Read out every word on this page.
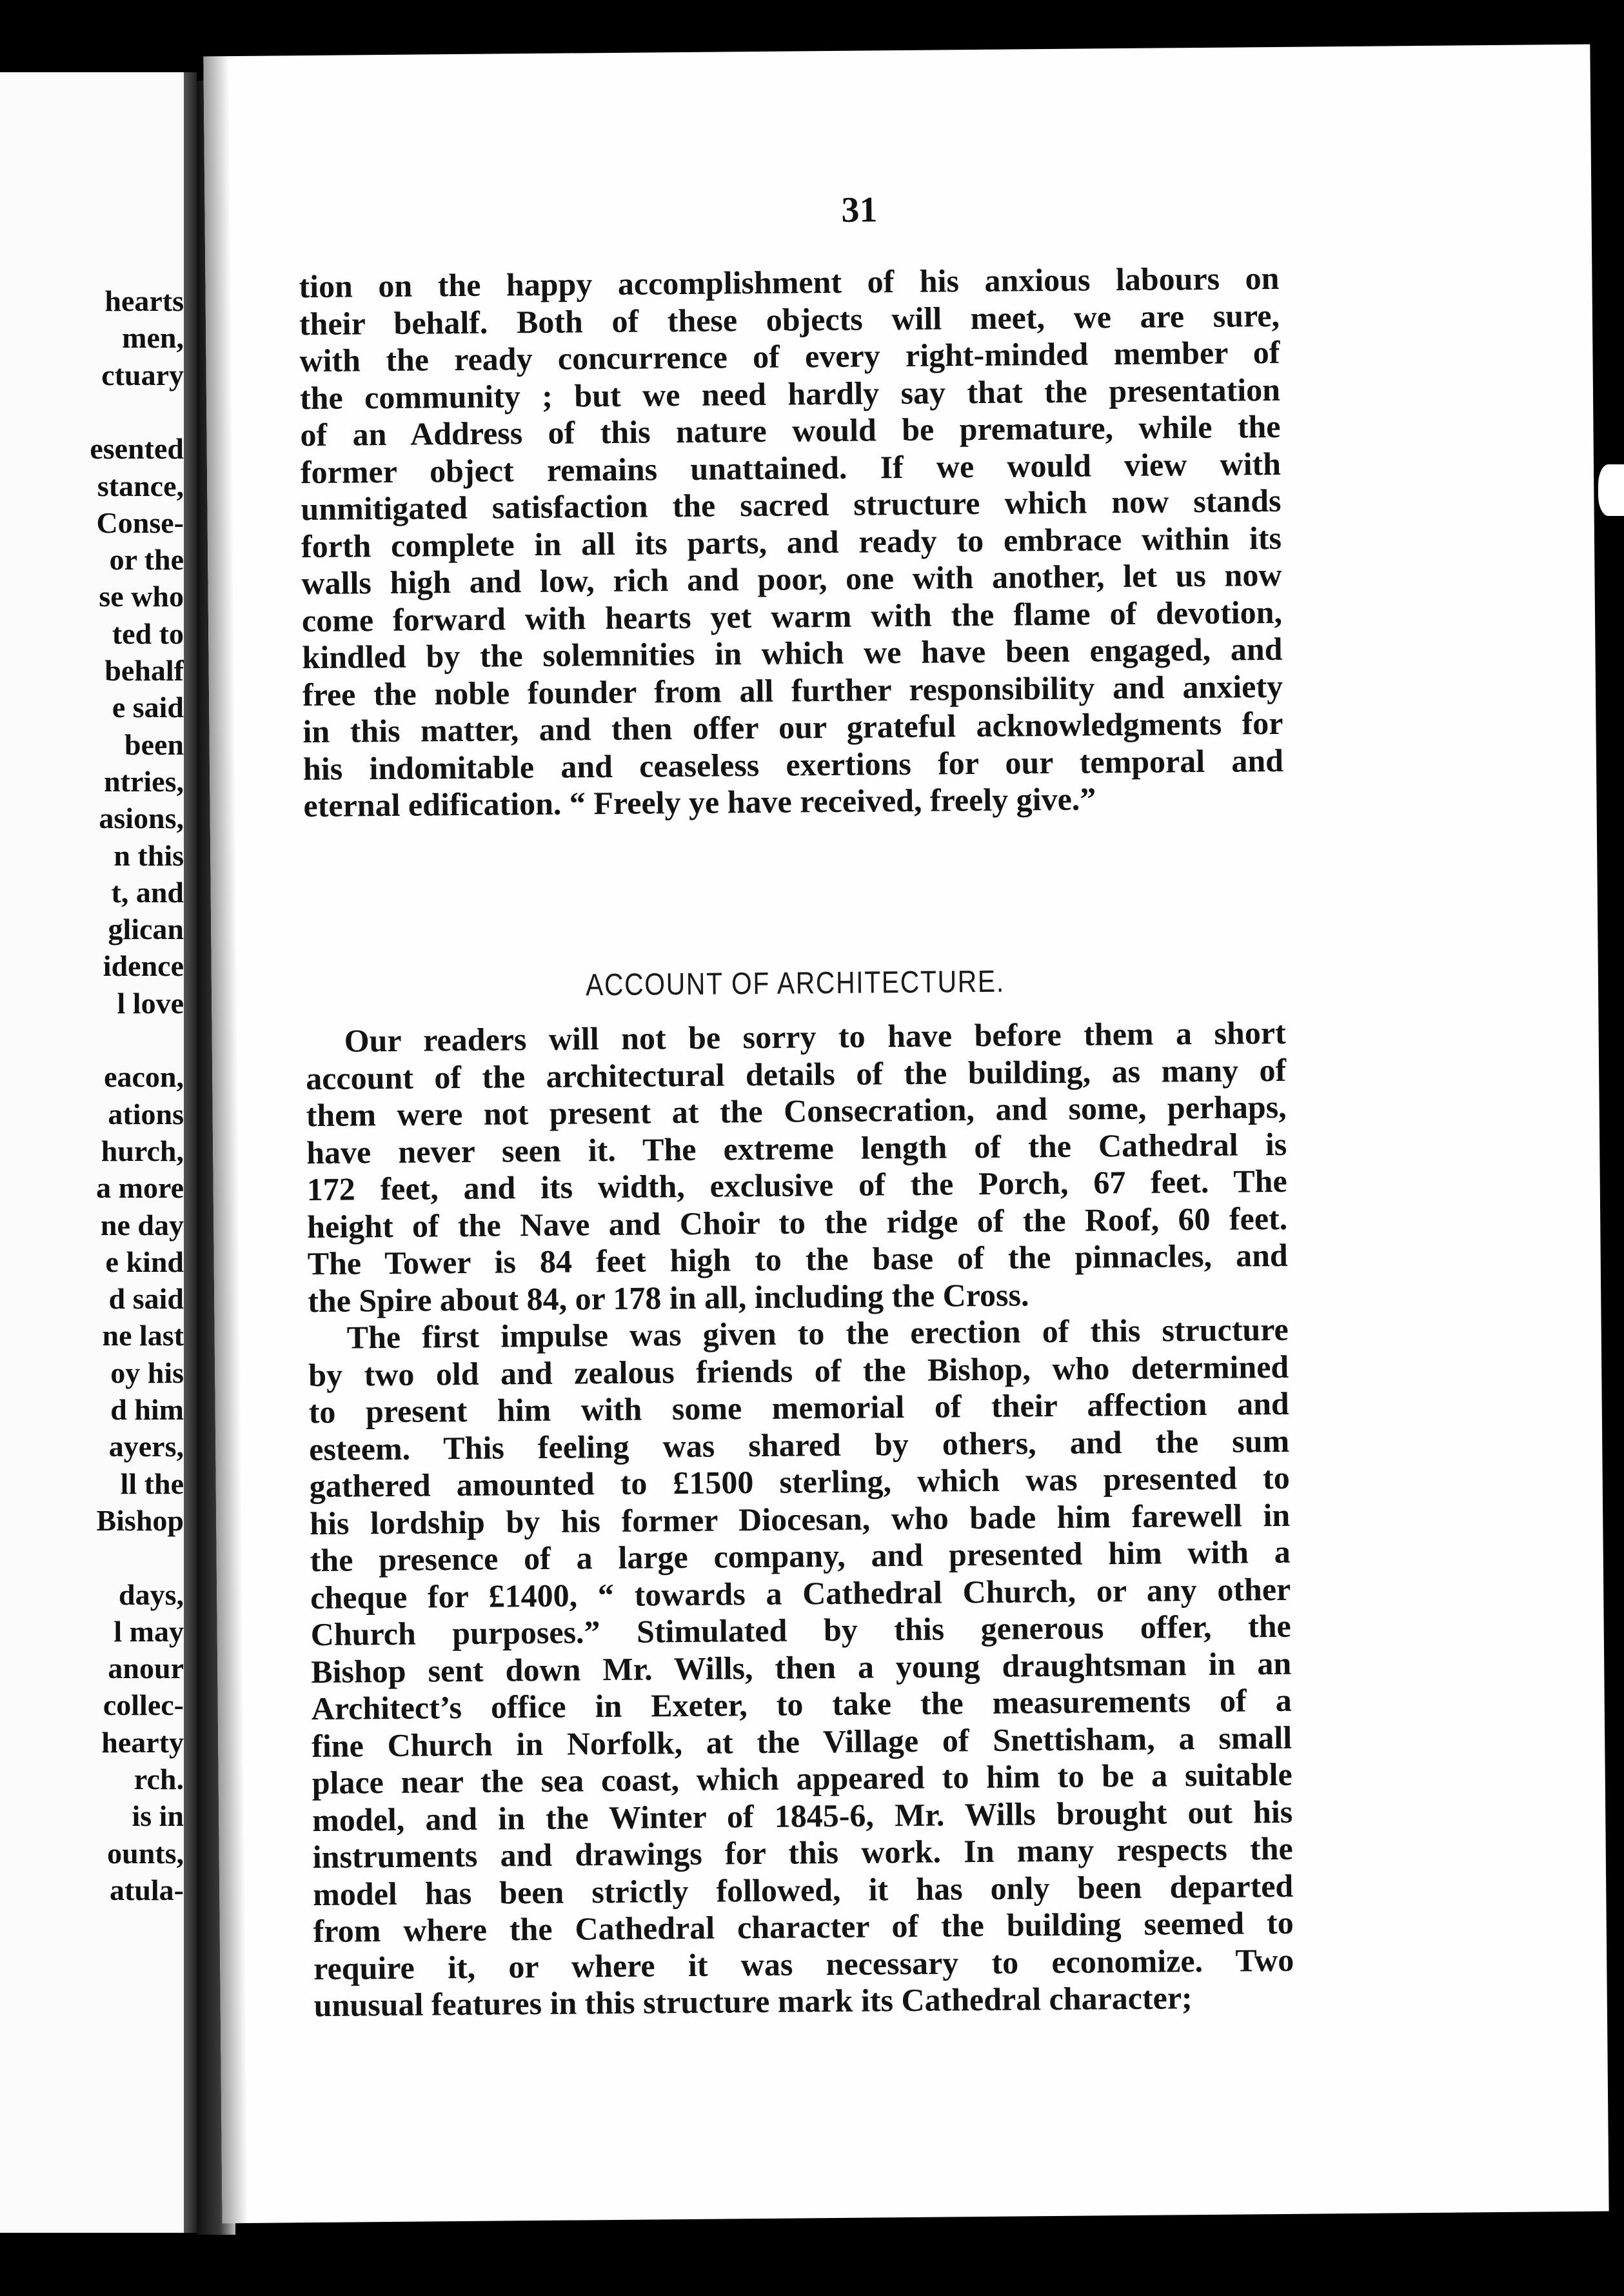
hearts
men,
ctuary
esented
stance,
Conse-
or the
se who
ted to
behalf
e said
been
ntries,
asions,
n this
t, and
glican
idence
l love
eacon,
ations
hurch,
a more
ne day
e kind
d said
ne last
oy his
d him
ayers,
ll the
Bishop
days,
l may
anour
collec-
hearty
rch.
is in
ounts,
atula-
31
tion on the happy accomplishment of his anxious labours on
their behalf. Both of these objects will meet, we are sure,
with the ready concurrence of every right-minded member of
the community ; but we need hardly say that the presentation
of an Address of this nature would be premature, while the
former object remains unattained. If we would view with
unmitigated satisfaction the sacred structure which now stands
forth complete in all its parts, and ready to embrace within its
walls high and low, rich and poor, one with another, let us now
come forward with hearts yet warm with the flame of devotion,
kindled by the solemnities in which we have been engaged, and
free the noble founder from all further responsibility and anxiety
in this matter, and then offer our grateful acknowledgments for
his indomitable and ceaseless exertions for our temporal and
eternal edification. “ Freely ye have received, freely give.”
ACCOUNT OF ARCHITECTURE.
Our readers will not be sorry to have before them a short
account of the architectural details of the building, as many of
them were not present at the Consecration, and some, perhaps,
have never seen it. The extreme length of the Cathedral is
172 feet, and its width, exclusive of the Porch, 67 feet. The
height of the Nave and Choir to the ridge of the Roof, 60 feet.
The Tower is 84 feet high to the base of the pinnacles, and
the Spire about 84, or 178 in all, including the Cross.
The first impulse was given to the erection of this structure
by two old and zealous friends of the Bishop, who determined
to present him with some memorial of their affection and
esteem. This feeling was shared by others, and the sum
gathered amounted to £1500 sterling, which was presented to
his lordship by his former Diocesan, who bade him farewell in
the presence of a large company, and presented him with a
cheque for £1400, “ towards a Cathedral Church, or any other
Church purposes.” Stimulated by this generous offer, the
Bishop sent down Mr. Wills, then a young draughtsman in an
Architect’s office in Exeter, to take the measurements of a
fine Church in Norfolk, at the Village of Snettisham, a small
place near the sea coast, which appeared to him to be a suitable
model, and in the Winter of 1845-6, Mr. Wills brought out his
instruments and drawings for this work. In many respects the
model has been strictly followed, it has only been departed
from where the Cathedral character of the building seemed to
require it, or where it was necessary to economize. Two
unusual features in this structure mark its Cathedral character;
